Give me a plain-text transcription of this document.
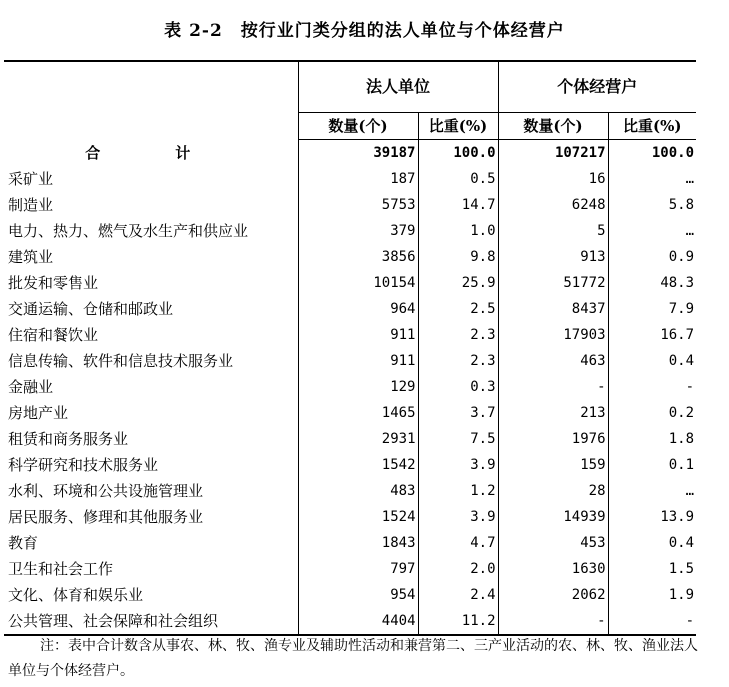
表 2-2　按行业门类分组的法人单位与个体经营户
	法人单位		个体经营户	
	数量(个)	比重(%)	数量(个)	比重(%)
合　计	39187	100.0	107217	100.0
采矿业	187	0.5	16	…
制造业	5753	14.7	6248	5.8
电力、热力、燃气及水生产和供应业	379	1.0	5	…
建筑业	3856	9.8	913	0.9
批发和零售业	10154	25.9	51772	48.3
交通运输、仓储和邮政业	964	2.5	8437	7.9
住宿和餐饮业	911	2.3	17903	16.7
信息传输、软件和信息技术服务业	911	2.3	463	0.4
金融业	129	0.3	-	-
房地产业	1465	3.7	213	0.2
租赁和商务服务业	2931	7.5	1976	1.8
科学研究和技术服务业	1542	3.9	159	0.1
水利、环境和公共设施管理业	483	1.2	28	…
居民服务、修理和其他服务业	1524	3.9	14939	13.9
教育	1843	4.7	453	0.4
卫生和社会工作	797	2.0	1630	1.5
文化、体育和娱乐业	954	2.4	2062	1.9
公共管理、社会保障和社会组织	4404	11.2	-	-
注：表中合计数含从事农、林、牧、渔专业及辅助性活动和兼营第二、三产业活动的农、林、牧、渔业法人单位与个体经营户。
